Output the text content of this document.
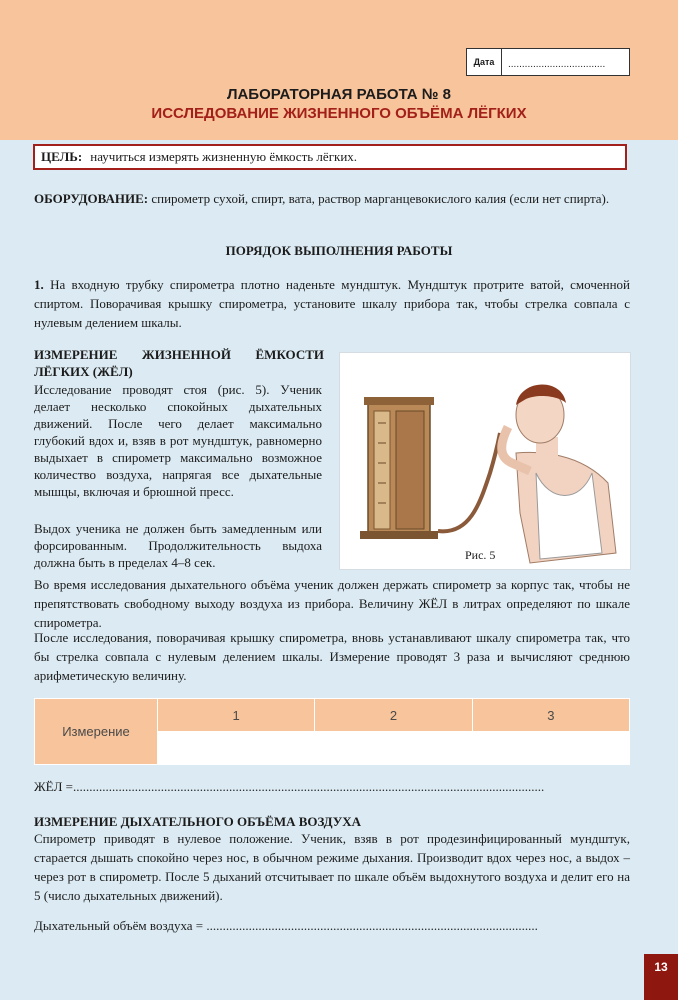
Дата	...................................
ЛАБОРАТОРНАЯ РАБОТА № 8
ИССЛЕДОВАНИЕ ЖИЗНЕННОГО ОБЪЁМА ЛЁГКИХ
ЦЕЛЬ: научиться измерять жизненную ёмкость лёгких.

ОБОРУДОВАНИЕ: спирометр сухой, спирт, вата, раствор марганцевокислого калия (если нет спирта).

ПОРЯДОК ВЫПОЛНЕНИЯ РАБОТЫ

1. На входную трубку спирометра плотно наденьте мундштук. Мундштук протрите ватой, смоченной спиртом. Поворачивая крышку спирометра, установите шкалу прибора так, чтобы стрелка совпала с нулевым делением шкалы.

ИЗМЕРЕНИЕ ЖИЗНЕННОЙ ЁМКОСТИ ЛЁГКИХ (ЖЁЛ)

Исследование проводят стоя (рис. 5). Ученик делает несколько спокойных дыхательных движений. После чего делает максимально глубокий вдох и, взяв в рот мундштук, равномерно выдыхает в спирометр максимально возможное количество воздуха, напрягая все дыхательные мышцы, включая и брюшной пресс.

Выдох ученика не должен быть замедленным или форсированным. Продолжительность выдоха должна быть в пределах 4–8 сек.	Рис. 5

Во время исследования дыхательного объёма ученик должен держать спирометр за корпус так, чтобы не препятствовать свободному выходу воздуха из прибора. Величину ЖЁЛ в литрах определяют по шкале спирометра.

После исследования, поворачивая крышку спирометра, вновь устанавливают шкалу спирометра так, что бы стрелка совпала с нулевым делением шкалы. Измерение проводят 3 раза и вычисляют среднюю арифметическую величину.

Измерение	1	2	3

ЖЁЛ =.................................................................................................................................................

ИЗМЕРЕНИЕ ДЫХАТЕЛЬНОГО ОБЪЁМА ВОЗДУХА

Спирометр приводят в нулевое положение. Ученик, взяв в рот продезинфицированный мундштук, старается дышать спокойно через нос, в обычном режиме дыхания. Производит вдох через нос, а выдох – через рот в спирометр. После 5 дыханий отсчитывает по шкале объём выдохнутого воздуха и делит его на 5 (число дыхательных движений).

Дыхательный объём воздуха = ......................................................................................................
13
